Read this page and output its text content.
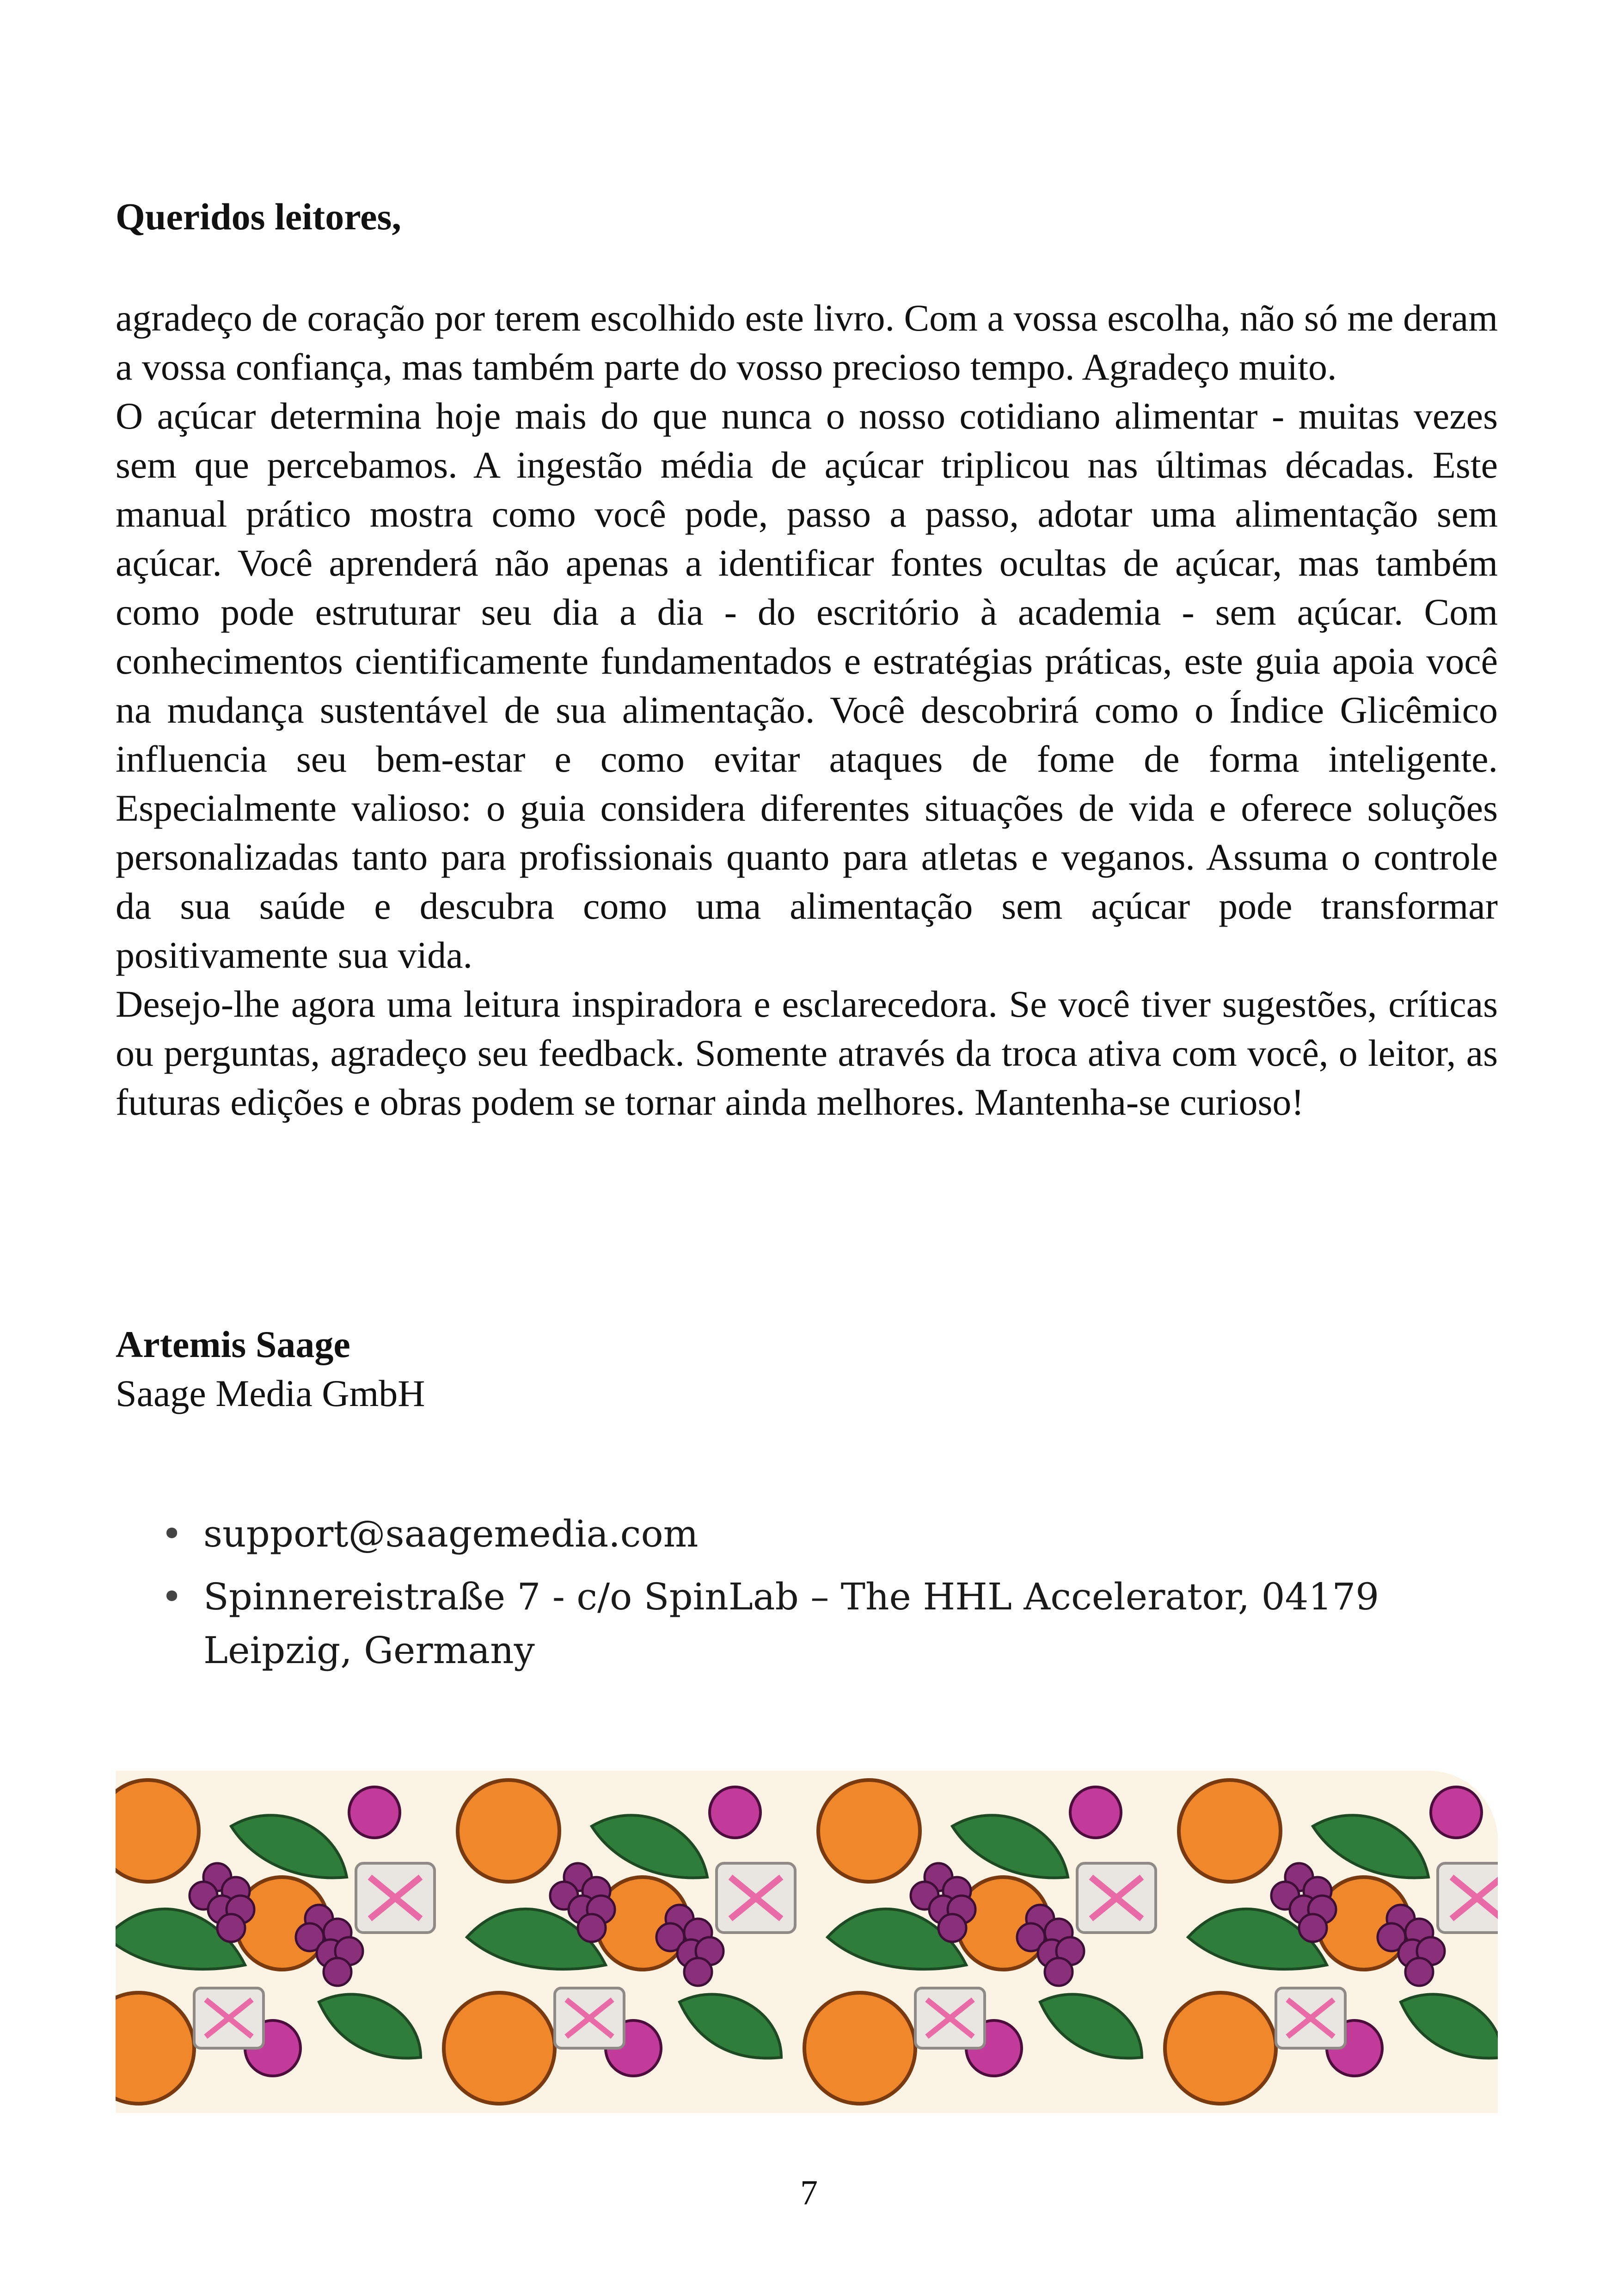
Queridos leitores,

agradeço de coração por terem escolhido este livro. Com a vossa escolha, não só me deram a vossa confiança, mas também parte do vosso precioso tempo. Agradeço muito.

O açúcar determina hoje mais do que nunca o nosso cotidiano alimentar - muitas vezes sem que percebamos. A ingestão média de açúcar triplicou nas últimas décadas. Este manual prático mostra como você pode, passo a passo, adotar uma alimentação sem açúcar. Você aprenderá não apenas a identificar fontes ocultas de açúcar, mas também como pode estruturar seu dia a dia - do escritório à academia - sem açúcar. Com conhecimentos cientificamente fundamentados e estratégias práticas, este guia apoia você na mudança sustentável de sua alimentação. Você descobrirá como o Índice Glicêmico influencia seu bem-estar e como evitar ataques de fome de forma inteligente. Especialmente valioso: o guia considera diferentes situações de vida e oferece soluções personalizadas tanto para profissionais quanto para atletas e veganos. Assuma o controle da sua saúde e descubra como uma alimentação sem açúcar pode transformar positivamente sua vida.

Desejo-lhe agora uma leitura inspiradora e esclarecedora. Se você tiver sugestões, críticas ou perguntas, agradeço seu feedback. Somente através da troca ativa com você, o leitor, as futuras edições e obras podem se tornar ainda melhores. Mantenha-se curioso!

Artemis Saage
Saage Media GmbH
• support@saagemedia.com
• Spinnereistraße 7 - c/o SpinLab – The HHL Accelerator, 04179 Leipzig, Germany
7
